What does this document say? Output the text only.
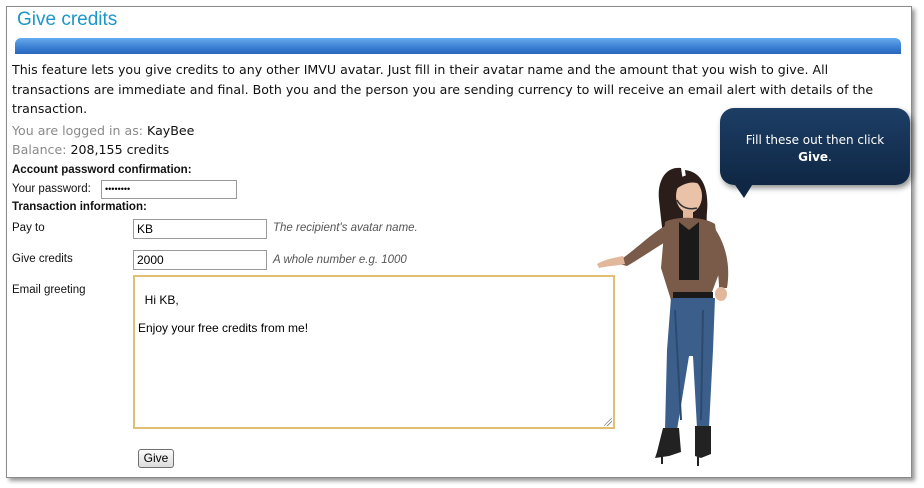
Give credits
This feature lets you give credits to any other IMVU avatar. Just fill in their avatar name and the amount that you wish to give. All transactions are immediate and final. Both you and the person you are sending currency to will receive an email alert with details of the transaction.
You are logged in as: KayBee
Balance: 208,155 credits
Account password confirmation:
Your password:	••••••••
Transaction information:
Pay to	KB	The recipient's avatar name.
Give credits	2000	A whole number e.g. 1000
Email greeting

Hi KB,

Enjoy your free credits from me!

Give
Fill these out then click
Give.
